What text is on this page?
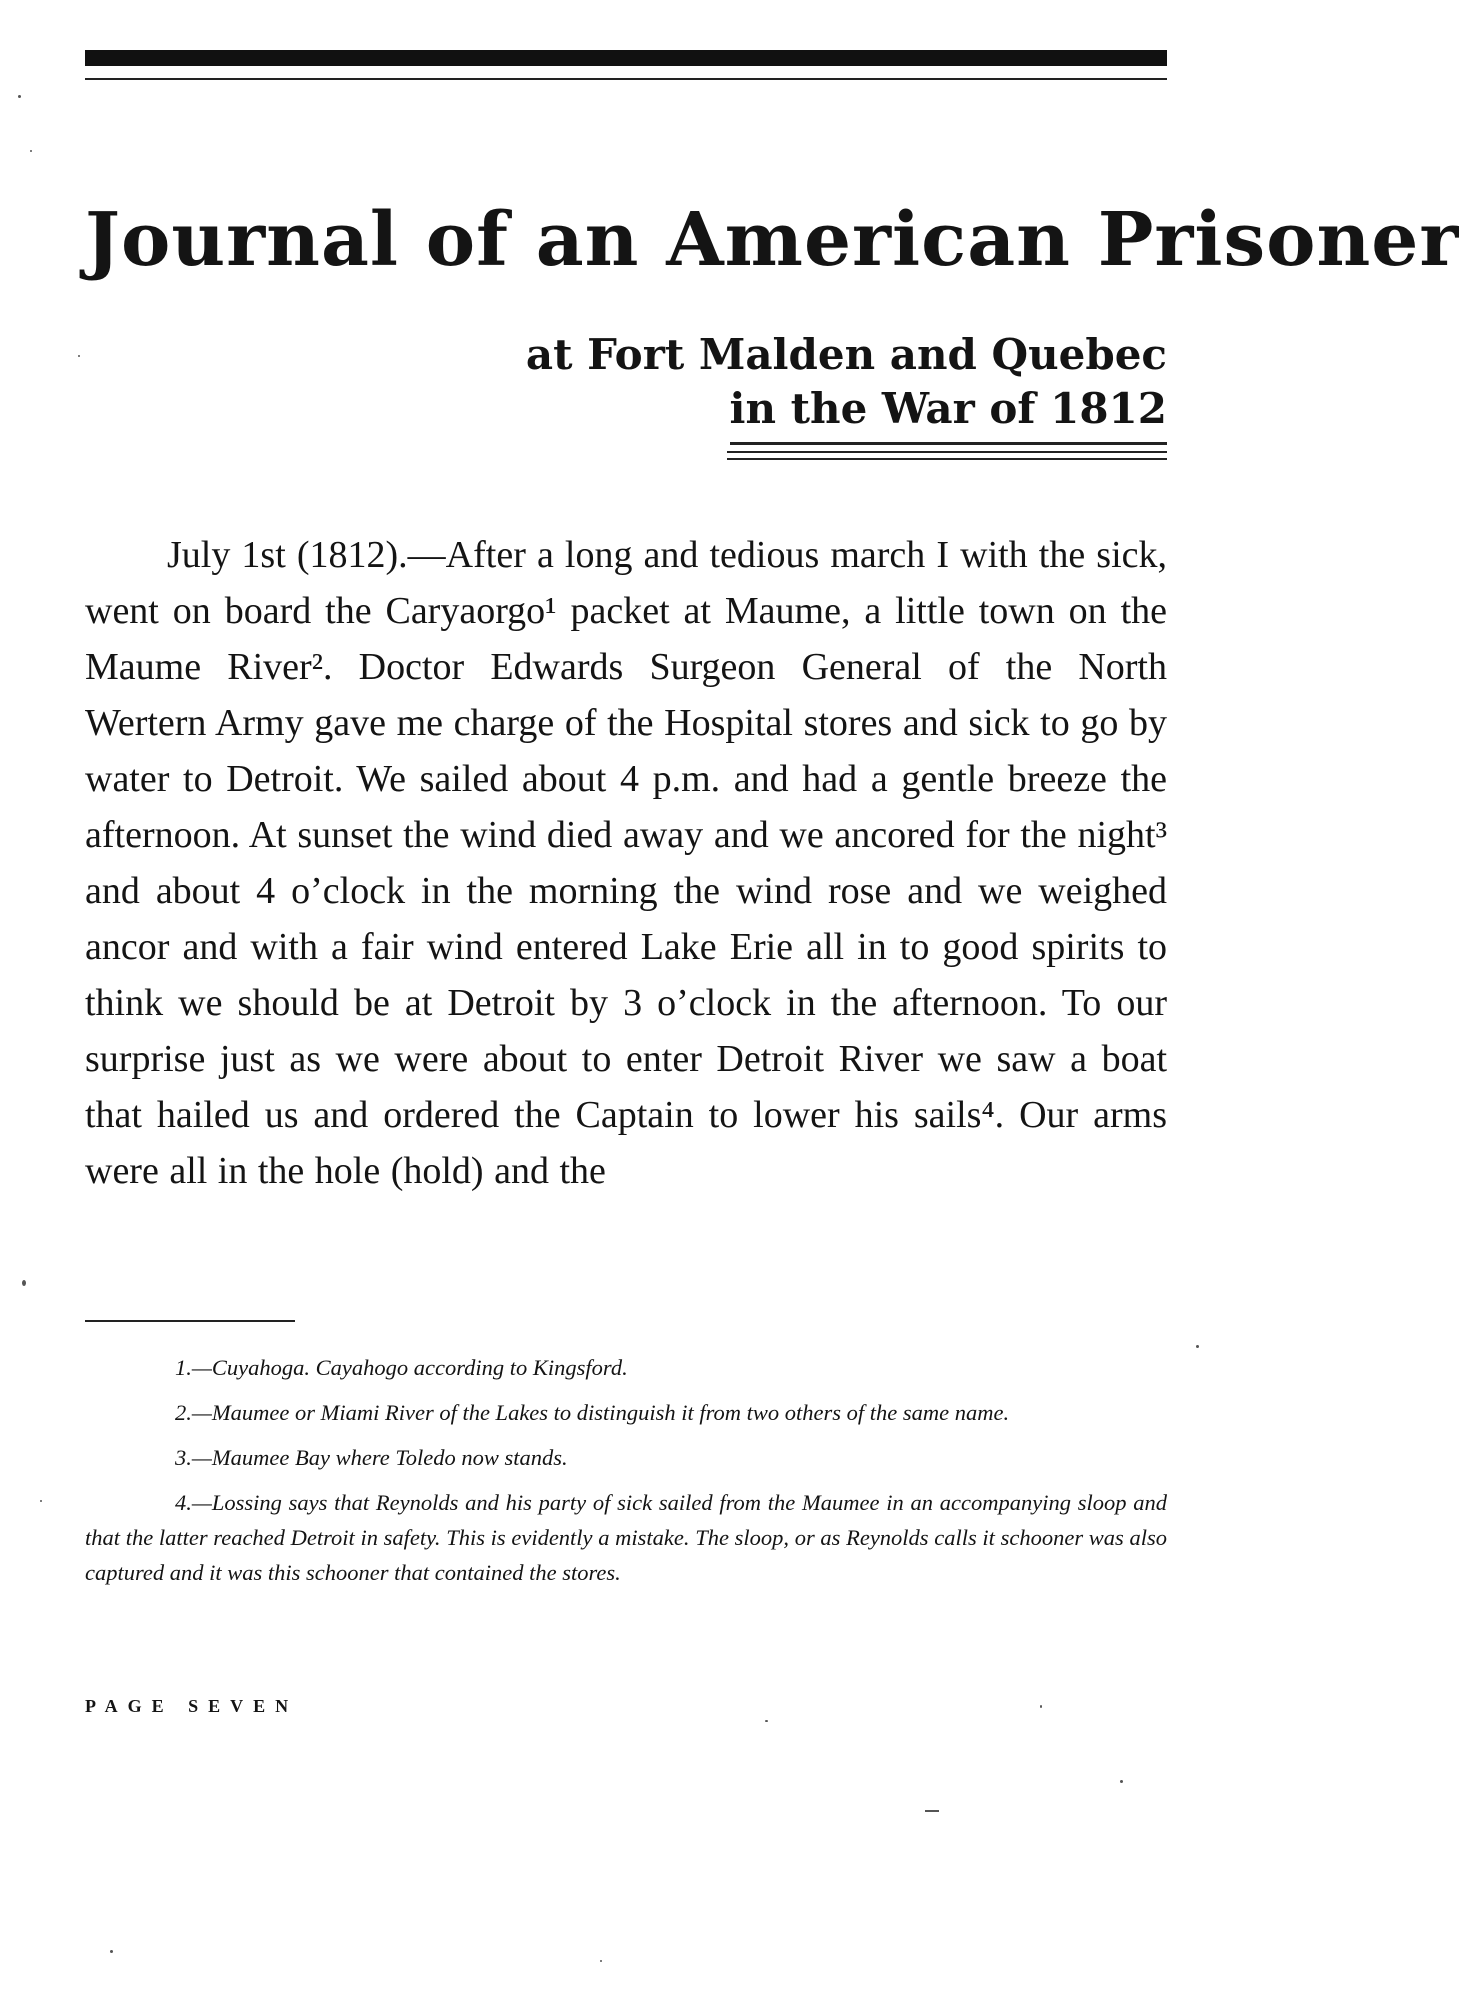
Journal of an American Prisoner
at Fort Malden and Quebec
in the War of 1812

July 1st (1812).—After a long and tedious march I with the sick, went on board the Caryaorgo¹ packet at Maume, a little town on the Maume River². Doctor Edwards Surgeon General of the North Wertern Army gave me charge of the Hospital stores and sick to go by water to Detroit. We sailed about 4 p.m. and had a gentle breeze the afternoon. At sunset the wind died away and we ancored for the night³ and about 4 o’clock in the morning the wind rose and we weighed ancor and with a fair wind entered Lake Erie all in to good spirits to think we should be at Detroit by 3 o’clock in the afternoon. To our surprise just as we were about to enter Detroit River we saw a boat that hailed us and ordered the Captain to lower his sails⁴. Our arms were all in the hole (hold) and the

1.—Cuyahoga. Cayahogo according to Kingsford.

2.—Maumee or Miami River of the Lakes to distinguish it from two others of the same name.

3.—Maumee Bay where Toledo now stands.

4.—Lossing says that Reynolds and his party of sick sailed from the Maumee in an accompanying sloop and that the latter reached Detroit in safety. This is evidently a mistake. The sloop, or as Reynolds calls it schooner was also captured and it was this schooner that contained the stores.

PAGE SEVEN
